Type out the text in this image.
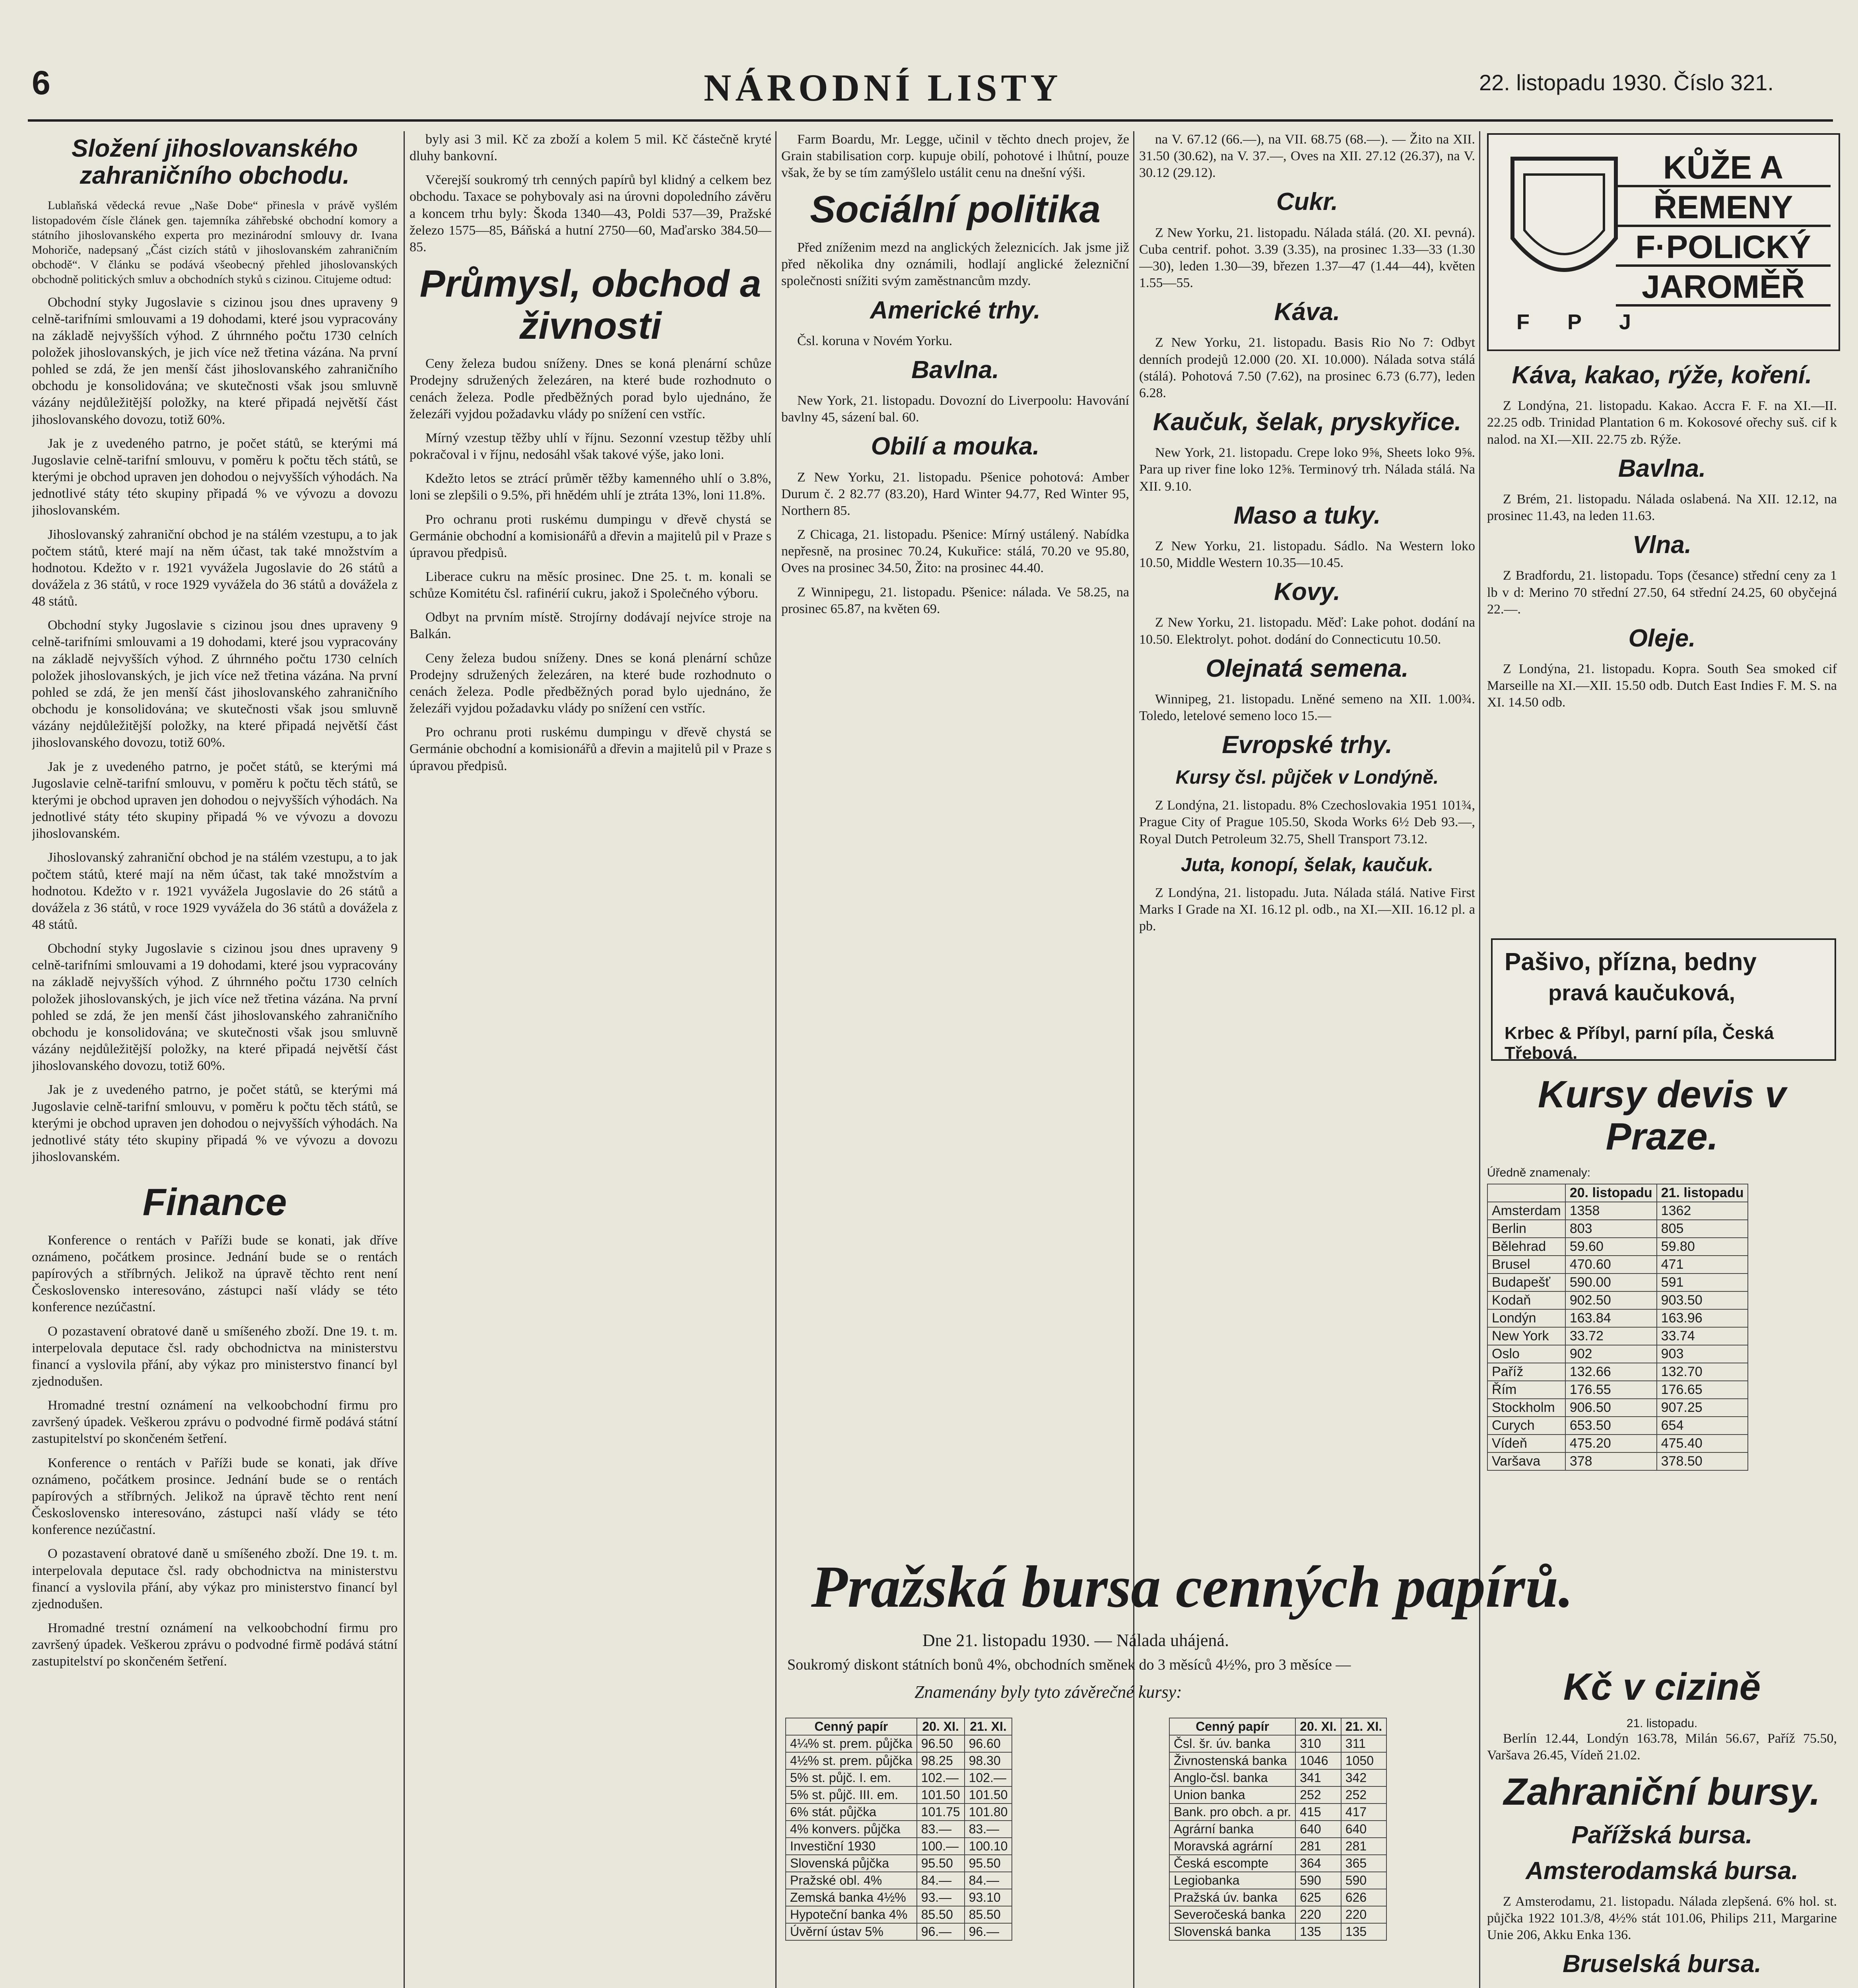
6	NÁRODNÍ LISTY	22. listopadu 1930. Číslo 321.
Složení jihoslovanského zahraničního obchodu.

Lublaňská vědecká revue „Naše Dobe“ přinesla v právě vyšlém listopadovém čísle článek gen. tajemníka záhřebské obchodní komory a státního jihoslovanského experta pro mezinárodní smlouvy dr. Ivana Mohoriče, nadepsaný „Část cizích států v jihoslovanském zahraničním obchodě“. V článku se podává všeobecný přehled jihoslovanských obchodně politických smluv a obchodních styků s cizinou. Citujeme odtud:

Obchodní styky Jugoslavie s cizinou jsou dnes upraveny 9 celně-tarifními smlouvami a 19 dohodami, které jsou vypracovány na základě nejvyšších výhod. Z úhrnného počtu 1730 celních položek jihoslovanských, je jich více než třetina vázána. Na první pohled se zdá, že jen menší část jihoslovanského zahraničního obchodu je konsolidována; ve skutečnosti však jsou smluvně vázány nejdůležitější položky, na které připadá největší část jihoslovanského dovozu, totiž 60%.

Jak je z uvedeného patrno, je počet států, se kterými má Jugoslavie celně-tarifní smlouvu, v poměru k počtu těch států, se kterými je obchod upraven jen dohodou o nejvyšších výhodách. Na jednotlivé státy této skupiny připadá % ve vývozu a dovozu jihoslovanském.

Jihoslovanský zahraniční obchod je na stálém vzestupu, a to jak počtem států, které mají na něm účast, tak také množstvím a hodnotou. Kdežto v r. 1921 vyvážela Jugoslavie do 26 států a dovážela z 36 států, v roce 1929 vyvážela do 36 států a dovážela z 48 států.

Obchodní styky Jugoslavie s cizinou jsou dnes upraveny 9 celně-tarifními smlouvami a 19 dohodami, které jsou vypracovány na základě nejvyšších výhod. Z úhrnného počtu 1730 celních položek jihoslovanských, je jich více než třetina vázána. Na první pohled se zdá, že jen menší část jihoslovanského zahraničního obchodu je konsolidována; ve skutečnosti však jsou smluvně vázány nejdůležitější položky, na které připadá největší část jihoslovanského dovozu, totiž 60%.

Jak je z uvedeného patrno, je počet států, se kterými má Jugoslavie celně-tarifní smlouvu, v poměru k počtu těch států, se kterými je obchod upraven jen dohodou o nejvyšších výhodách. Na jednotlivé státy této skupiny připadá % ve vývozu a dovozu jihoslovanském.

Jihoslovanský zahraniční obchod je na stálém vzestupu, a to jak počtem států, které mají na něm účast, tak také množstvím a hodnotou. Kdežto v r. 1921 vyvážela Jugoslavie do 26 států a dovážela z 36 států, v roce 1929 vyvážela do 36 států a dovážela z 48 států.

Obchodní styky Jugoslavie s cizinou jsou dnes upraveny 9 celně-tarifními smlouvami a 19 dohodami, které jsou vypracovány na základě nejvyšších výhod. Z úhrnného počtu 1730 celních položek jihoslovanských, je jich více než třetina vázána. Na první pohled se zdá, že jen menší část jihoslovanského zahraničního obchodu je konsolidována; ve skutečnosti však jsou smluvně vázány nejdůležitější položky, na které připadá největší část jihoslovanského dovozu, totiž 60%.

Jak je z uvedeného patrno, je počet států, se kterými má Jugoslavie celně-tarifní smlouvu, v poměru k počtu těch států, se kterými je obchod upraven jen dohodou o nejvyšších výhodách. Na jednotlivé státy této skupiny připadá % ve vývozu a dovozu jihoslovanském.

Finance

Konference o rentách v Paříži bude se konati, jak dříve oznámeno, počátkem prosince. Jednání bude se o rentách papírových a stříbrných. Jelikož na úpravě těchto rent není Československo interesováno, zástupci naší vlády se této konference nezúčastní.

O pozastavení obratové daně u smíšeného zboží. Dne 19. t. m. interpelovala deputace čsl. rady obchodnictva na ministerstvu financí a vyslovila přání, aby výkaz pro ministerstvo financí byl zjednodušen.

Hromadné trestní oznámení na velkoobchodní firmu pro završený úpadek. Veškerou zprávu o podvodné firmě podává státní zastupitelství po skončeném šetření.

Konference o rentách v Paříži bude se konati, jak dříve oznámeno, počátkem prosince. Jednání bude se o rentách papírových a stříbrných. Jelikož na úpravě těchto rent není Československo interesováno, zástupci naší vlády se této konference nezúčastní.

O pozastavení obratové daně u smíšeného zboží. Dne 19. t. m. interpelovala deputace čsl. rady obchodnictva na ministerstvu financí a vyslovila přání, aby výkaz pro ministerstvo financí byl zjednodušen.

Hromadné trestní oznámení na velkoobchodní firmu pro završený úpadek. Veškerou zprávu o podvodné firmě podává státní zastupitelství po skončeném šetření.

byly asi 3 mil. Kč za zboží a kolem 5 mil. Kč částečně kryté dluhy bankovní.

Včerejší soukromý trh cenných papírů byl klidný a celkem bez obchodu. Taxace se pohybovaly asi na úrovni dopoledního závěru a koncem trhu byly: Škoda 1340—43, Poldi 537—39, Pražské železo 1575—85, Báňská a hutní 2750—60, Maďarsko 384.50—85.

Průmysl, obchod a živnosti

Ceny železa budou sníženy. Dnes se koná plenární schůze Prodejny sdružených železáren, na které bude rozhodnuto o cenách železa. Podle předběžných porad bylo ujednáno, že železáři vyjdou požadavku vlády po snížení cen vstříc.

Mírný vzestup těžby uhlí v říjnu. Sezonní vzestup těžby uhlí pokračoval i v říjnu, nedosáhl však takové výše, jako loni.

Kdežto letos se ztrácí průměr těžby kamenného uhlí o 3.8%, loni se zlepšili o 9.5%, při hnědém uhlí je ztráta 13%, loni 11.8%.

Pro ochranu proti ruskému dumpingu v dřevě chystá se Germánie obchodní a komisionářů a dřevin a majitelů pil v Praze s úpravou předpisů.

Liberace cukru na měsíc prosinec. Dne 25. t. m. konali se schůze Komitétu čsl. rafinérií cukru, jakož i Společného výboru.

Odbyt na prvním místě. Strojírny dodávají nejvíce stroje na Balkán.

Ceny železa budou sníženy. Dnes se koná plenární schůze Prodejny sdružených železáren, na které bude rozhodnuto o cenách železa. Podle předběžných porad bylo ujednáno, že železáři vyjdou požadavku vlády po snížení cen vstříc.

Pro ochranu proti ruskému dumpingu v dřevě chystá se Germánie obchodní a komisionářů a dřevin a majitelů pil v Praze s úpravou předpisů.

Farm Boardu, Mr. Legge, učinil v těchto dnech projev, že Grain stabilisation corp. kupuje obilí, pohotové i lhůtní, pouze však, že by se tím zamýšlelo ustálit cenu na dnešní výši.

Sociální politika

Před zníženim mezd na anglických železnicích. Jak jsme již před několika dny oznámili, hodlají anglické železniční společnosti snížiti svým zaměstnancům mzdy.

Americké trhy.

Čsl. koruna v Novém Yorku.

Bavlna.

New York, 21. listopadu. Dovozní do Liverpoolu: Havování bavlny 45, sázení bal. 60.

Obilí a mouka.

Z New Yorku, 21. listopadu. Pšenice pohotová: Amber Durum č. 2 82.77 (83.20), Hard Winter 94.77, Red Winter 95, Northern 85.

Z Chicaga, 21. listopadu. Pšenice: Mírný ustálený. Nabídka nepřesně, na prosinec 70.24, Kukuřice: stálá, 70.20 ve 95.80, Oves na prosinec 34.50, Žito: na prosinec 44.40.

Z Winnipegu, 21. listopadu. Pšenice: nálada. Ve 58.25, na prosinec 65.87, na květen 69.

na V. 67.12 (66.—), na VII. 68.75 (68.—). — Žito na XII. 31.50 (30.62), na V. 37.—, Oves na XII. 27.12 (26.37), na V. 30.12 (29.12).

Cukr.

Z New Yorku, 21. listopadu. Nálada stálá. (20. XI. pevná). Cuba centrif. pohot. 3.39 (3.35), na prosinec 1.33—33 (1.30—30), leden 1.30—39, březen 1.37—47 (1.44—44), květen 1.55—55.

Káva.

Z New Yorku, 21. listopadu. Basis Rio No 7: Odbyt denních prodejů 12.000 (20. XI. 10.000). Nálada sotva stálá (stálá). Pohotová 7.50 (7.62), na prosinec 6.73 (6.77), leden 6.28.

Kaučuk, šelak, pryskyřice.

New York, 21. listopadu. Crepe loko 9⅝, Sheets loko 9⅝. Para up river fine loko 12⅝. Terminový trh. Nálada stálá. Na XII. 9.10.

Maso a tuky.

Z New Yorku, 21. listopadu. Sádlo. Na Western loko 10.50, Middle Western 10.35—10.45.

Kovy.

Z New Yorku, 21. listopadu. Měď: Lake pohot. dodání na 10.50. Elektrolyt. pohot. dodání do Connecticutu 10.50.

Olejnatá semena.

Winnipeg, 21. listopadu. Lněné semeno na XII. 1.00¾. Toledo, letelové semeno loco 15.—

Evropské trhy.
Kursy čsl. půjček v Londýně.

Z Londýna, 21. listopadu. 8% Czechoslovakia 1951 101¾, Prague City of Prague 105.50, Skoda Works 6½ Deb 93.—, Royal Dutch Petroleum 32.75, Shell Transport 73.12.

Juta, konopí, šelak, kaučuk.

Z Londýna, 21. listopadu. Juta. Nálada stálá. Native First Marks I Grade na XI. 16.12 pl. odb., na XI.—XII. 16.12 pl. a pb.

Pražská bursa cenných papírů.
Dne 21. listopadu 1930. — Nálada uhájená.
Soukromý diskont státních bonů 4%, obchodních směnek do 3 měsíců 4½%, pro 3 měsíce —
Znamenány byly tyto závěrečné kursy:
Cenný papír	20. XI.	21. XI.
4¼% st. prem. půjčka	96.50	96.60
4½% st. prem. půjčka	98.25	98.30
5% st. půjč. I. em.	102.—	102.—
5% st. půjč. III. em.	101.50	101.50
6% stát. půjčka	101.75	101.80
4% konvers. půjčka	83.—	83.—
Investiční 1930	100.—	100.10
Slovenská půjčka	95.50	95.50
Pražské obl. 4%	84.—	84.—
Zemská banka 4½%	93.—	93.10
Hypoteční banka 4%	85.50	85.50
Úvěrní ústav 5%	96.—	96.—
Cenný papír	20. XI.	21. XI.
Čsl. šr. úv. banka	310	311
Živnostenská banka	1046	1050
Anglo-čsl. banka	341	342
Union banka	252	252
Bank. pro obch. a pr.	415	417
Agrární banka	640	640
Moravská agrární	281	281
Česká escompte	364	365
Legiobanka	590	590
Pražská úv. banka	625	626
Severočeská banka	220	220
Slovenská banka	135	135

KŮŽE A
ŘEMENY
F·POLICKÝ
JAROMĚŘ
F P J
Káva, kakao, rýže, koření.

Z Londýna, 21. listopadu. Kakao. Accra F. F. na XI.—II. 22.25 odb. Trinidad Plantation 6 m. Kokosové ořechy suš. cif k nalod. na XI.—XII. 22.75 zb. Rýže.

Bavlna.

Z Brém, 21. listopadu. Nálada oslabená. Na XII. 12.12, na prosinec 11.43, na leden 11.63.

Vlna.

Z Bradfordu, 21. listopadu. Tops (česance) střední ceny za 1 lb v d: Merino 70 střední 27.50, 64 střední 24.25, 60 obyčejná 22.—.

Oleje.

Z Londýna, 21. listopadu. Kopra. South Sea smoked cif Marseille na XI.—XII. 15.50 odb. Dutch East Indies F. M. S. na XI. 14.50 odb.

Pašivo, přízna, bedny
pravá kaučuková,
Krbec & Příbyl, parní píla, Česká Třebová.
Kursy devis v Praze.
Úředně znamenaly:
	20. listopadu	21. listopadu
Amsterdam	1358	1362
Berlin	803	805
Bělehrad	59.60	59.80
Brusel	470.60	471
Budapešť	590.00	591
Kodaň	902.50	903.50
Londýn	163.84	163.96
New York	33.72	33.74
Oslo	902	903
Paříž	132.66	132.70
Řím	176.55	176.65
Stockholm	906.50	907.25
Curych	653.50	654
Vídeň	475.20	475.40
Varšava	378	378.50
Kč v cizině
21. listopadu.

Berlín 12.44, Londýn 163.78, Milán 56.67, Paříž 75.50, Varšava 26.45, Vídeň 21.02.

Zahraniční bursy.
Pařížská bursa.
Amsterodamská bursa.

Z Amsterodamu, 21. listopadu. Nálada zlepšená. 6% hol. st. půjčka 1922 101.3/8, 4½% stát 101.06, Philips 211, Margarine Unie 206, Akku Enka 136.

Bruselská bursa.
